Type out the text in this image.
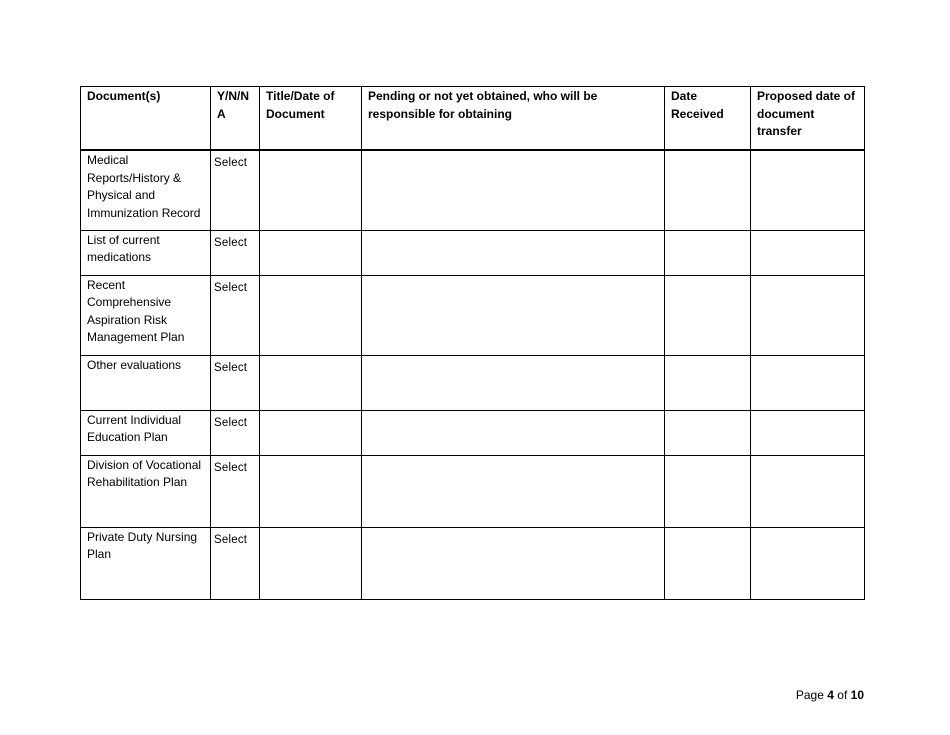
Document(s)	Y/N/N A	Title/Date of Document	Pending or not yet obtained, who will be responsible for obtaining	Date Received	Proposed date of document transfer
Medical Reports/History & Physical and Immunization Record	Select				
List of current medications	Select				
Recent Comprehensive Aspiration Risk Management Plan	Select				
Other evaluations	Select				
Current Individual Education Plan	Select				
Division of Vocational Rehabilitation Plan	Select				
Private Duty Nursing Plan	Select				
Page 4 of 10
